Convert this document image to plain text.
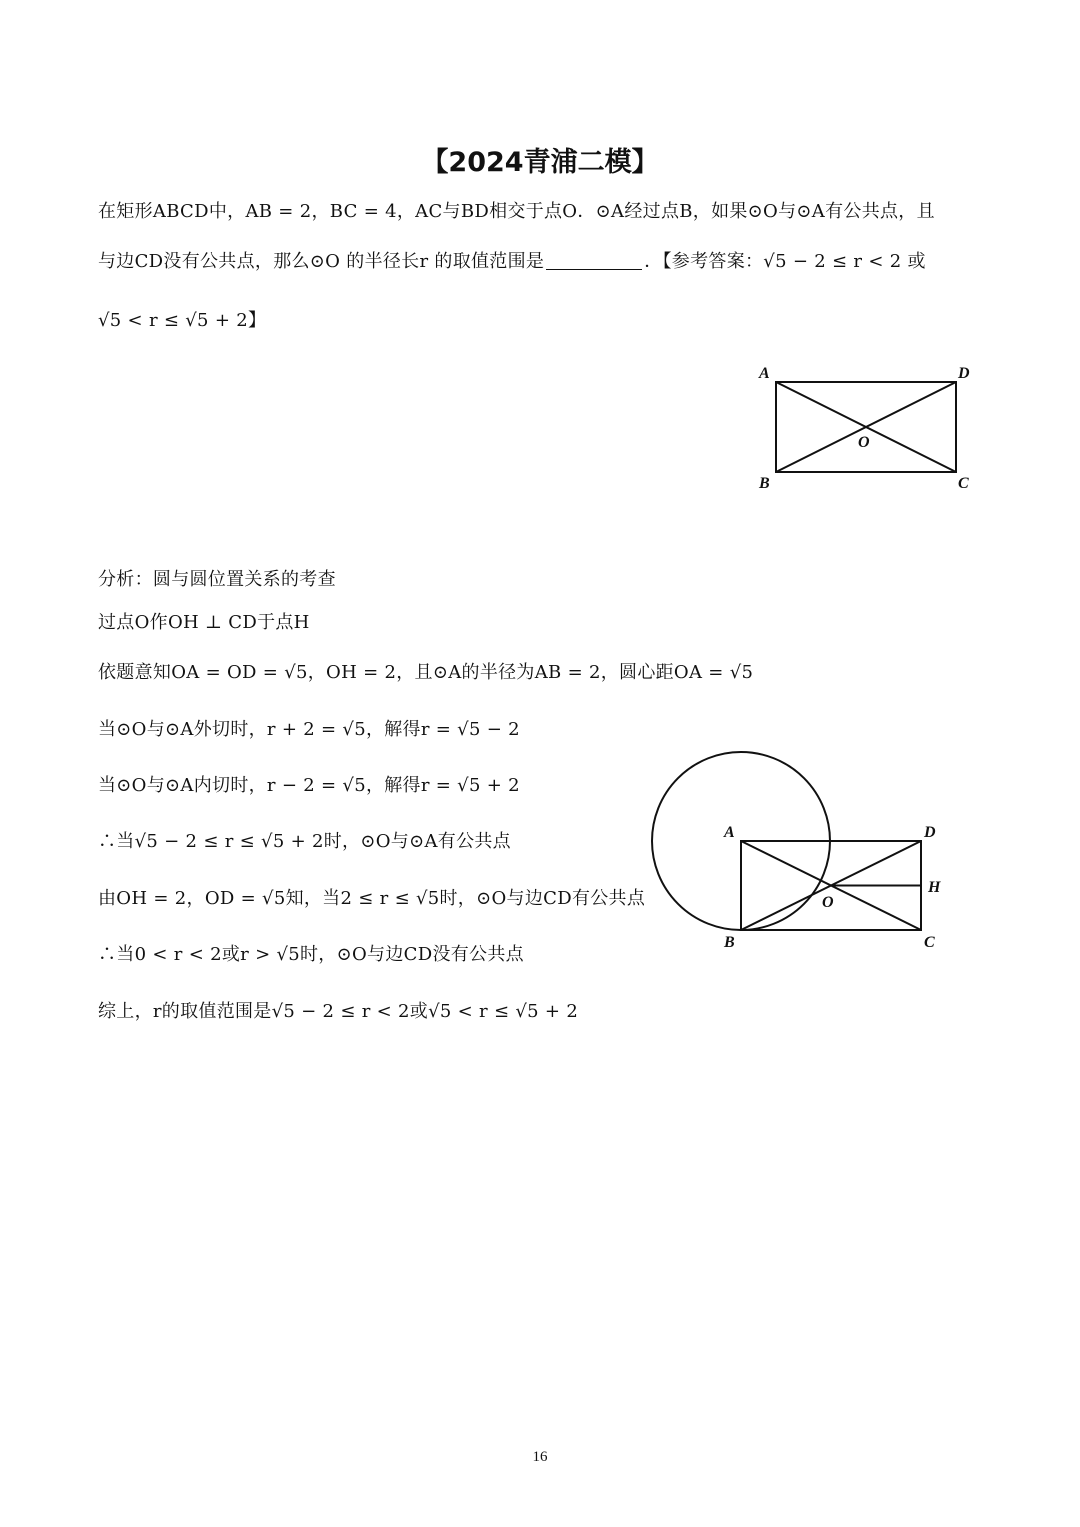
【2024青浦二模】
在矩形ABCD中，AB = 2，BC = 4，AC与BD相交于点O．⊙A经过点B，如果⊙O与⊙A有公共点，且
与边CD没有公共点，那么⊙O 的半径长r 的取值范围是	．【参考答案：√5 − 2 ≤ r < 2 或
√5 < r ≤ √5 + 2】
A	D
B	C
O
分析：圆与圆位置关系的考查
过点O作OH ⊥ CD于点H
依题意知OA = OD = √5，OH = 2，且⊙A的半径为AB = 2，圆心距OA = √5
当⊙O与⊙A外切时，r + 2 = √5，解得r = √5 − 2
当⊙O与⊙A内切时，r − 2 = √5，解得r = √5 + 2
∴当√5 − 2 ≤ r ≤ √5 + 2时，⊙O与⊙A有公共点
由OH = 2，OD = √5知，当2 ≤ r ≤ √5时，⊙O与边CD有公共点
∴当0 < r < 2或r > √5时，⊙O与边CD没有公共点
综上，r的取值范围是√5 − 2 ≤ r < 2或√5 < r ≤ √5 + 2
A	D
B	C
H
O
16
